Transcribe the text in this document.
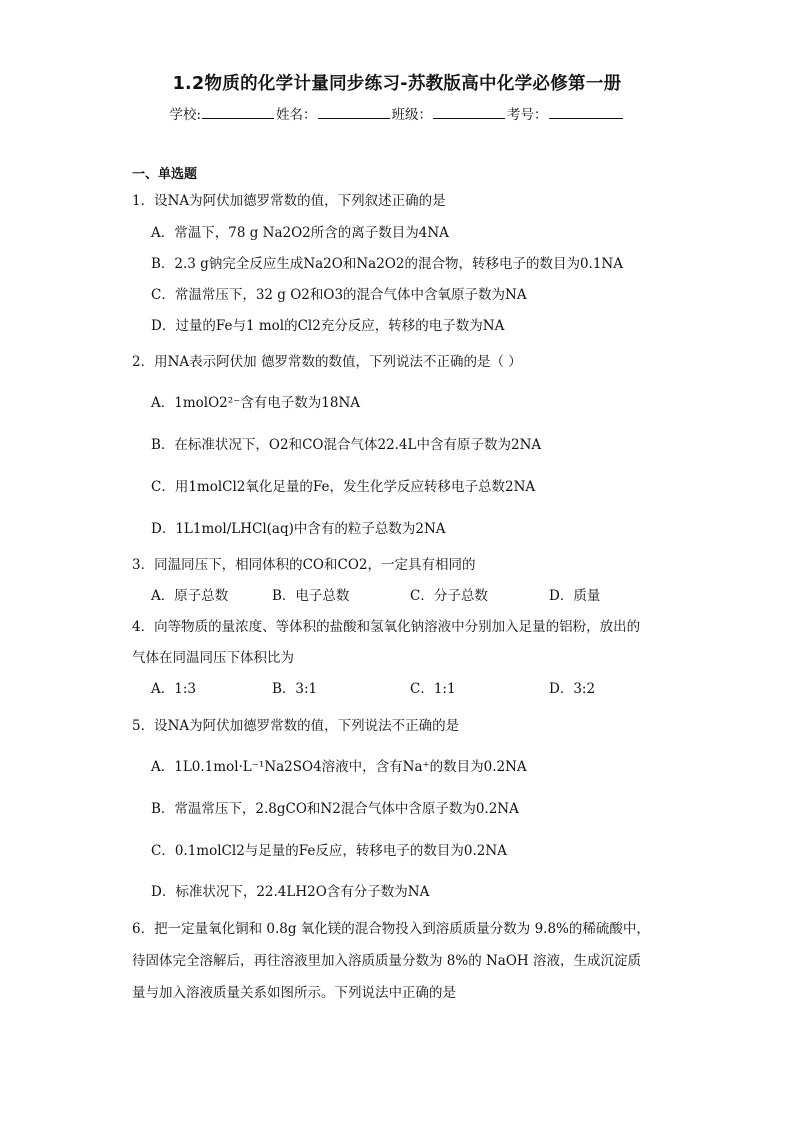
1.2物质的化学计量同步练习-苏教版高中化学必修第一册
学校:	姓名：	班级：	考号：
一、单选题
1．设NA为阿伏加德罗常数的值，下列叙述正确的是
A．常温下，78 g Na2O2所含的离子数目为4NA
B．2.3 g钠完全反应生成Na2O和Na2O2的混合物，转移电子的数目为0.1NA
C．常温常压下，32 g O2和O3的混合气体中含氧原子数为NA
D．过量的Fe与1 mol的Cl2充分反应，转移的电子数为NA
2．用NA表示阿伏加 德罗常数的数值，下列说法不正确的是（ ）
A．1molO2²⁻含有电子数为18NA
B．在标准状况下，O2和CO混合气体22.4L中含有原子数为2NA
C．用1molCl2氧化足量的Fe，发生化学反应转移电子总数2NA
D．1L1mol/LHCl(aq)中含有的粒子总数为2NA
3．同温同压下，相同体积的CO和CO2，一定具有相同的
A．原子总数	B．电子总数	C．分子总数	D．质量
4．向等物质的量浓度、等体积的盐酸和氢氧化钠溶液中分别加入足量的铝粉，放出的
气体在同温同压下体积比为
A．1:3	B．3:1	C．1:1	D．3:2
5．设NA为阿伏加德罗常数的值，下列说法不正确的是
A．1L0.1mol·L⁻¹Na2SO4溶液中，含有Na⁺的数目为0.2NA
B．常温常压下，2.8gCO和N2混合气体中含原子数为0.2NA
C．0.1molCl2与足量的Fe反应，转移电子的数目为0.2NA
D．标准状况下，22.4LH2O含有分子数为NA
6．把一定量氧化铜和 0.8g 氧化镁的混合物投入到溶质质量分数为 9.8%的稀硫酸中，
待固体完全溶解后，再往溶液里加入溶质质量分数为 8%的 NaOH 溶液，生成沉淀质
量与加入溶液质量关系如图所示。下列说法中正确的是
